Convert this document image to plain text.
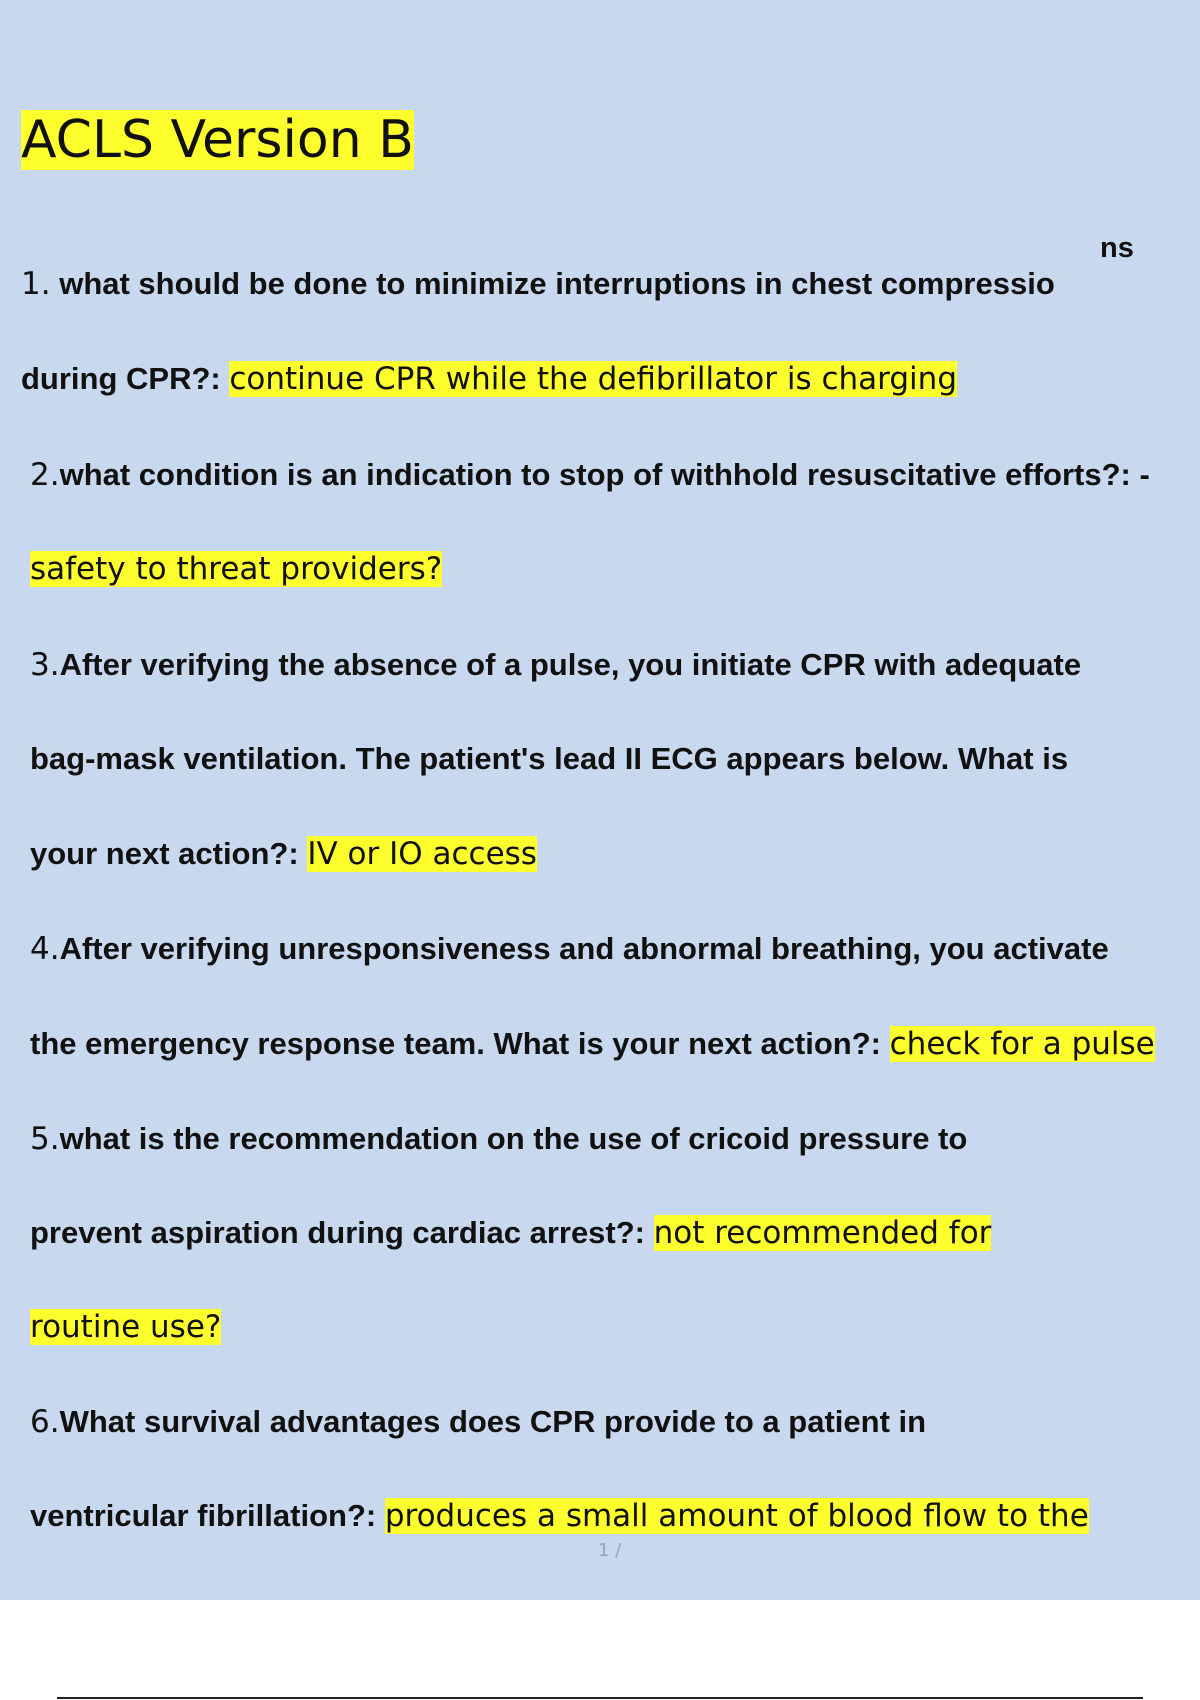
ACLS Version B
ns

1. what should be done to minimize interruptions in chest compressio

during CPR?: continue CPR while the defibrillator is charging

2.what condition is an indication to stop of withhold resuscitative efforts?: -

safety to threat providers?

3.After verifying the absence of a pulse, you initiate CPR with adequate

bag-mask ventilation. The patient's lead II ECG appears below. What is

your next action?: IV or IO access

4.After verifying unresponsiveness and abnormal breathing, you activate

the emergency response team. What is your next action?: check for a pulse

5.what is the recommendation on the use of cricoid pressure to

prevent aspiration during cardiac arrest?: not recommended for

routine use?

6.What survival advantages does CPR provide to a patient in

ventricular fibrillation?: produces a small amount of blood flow to the

1 /
